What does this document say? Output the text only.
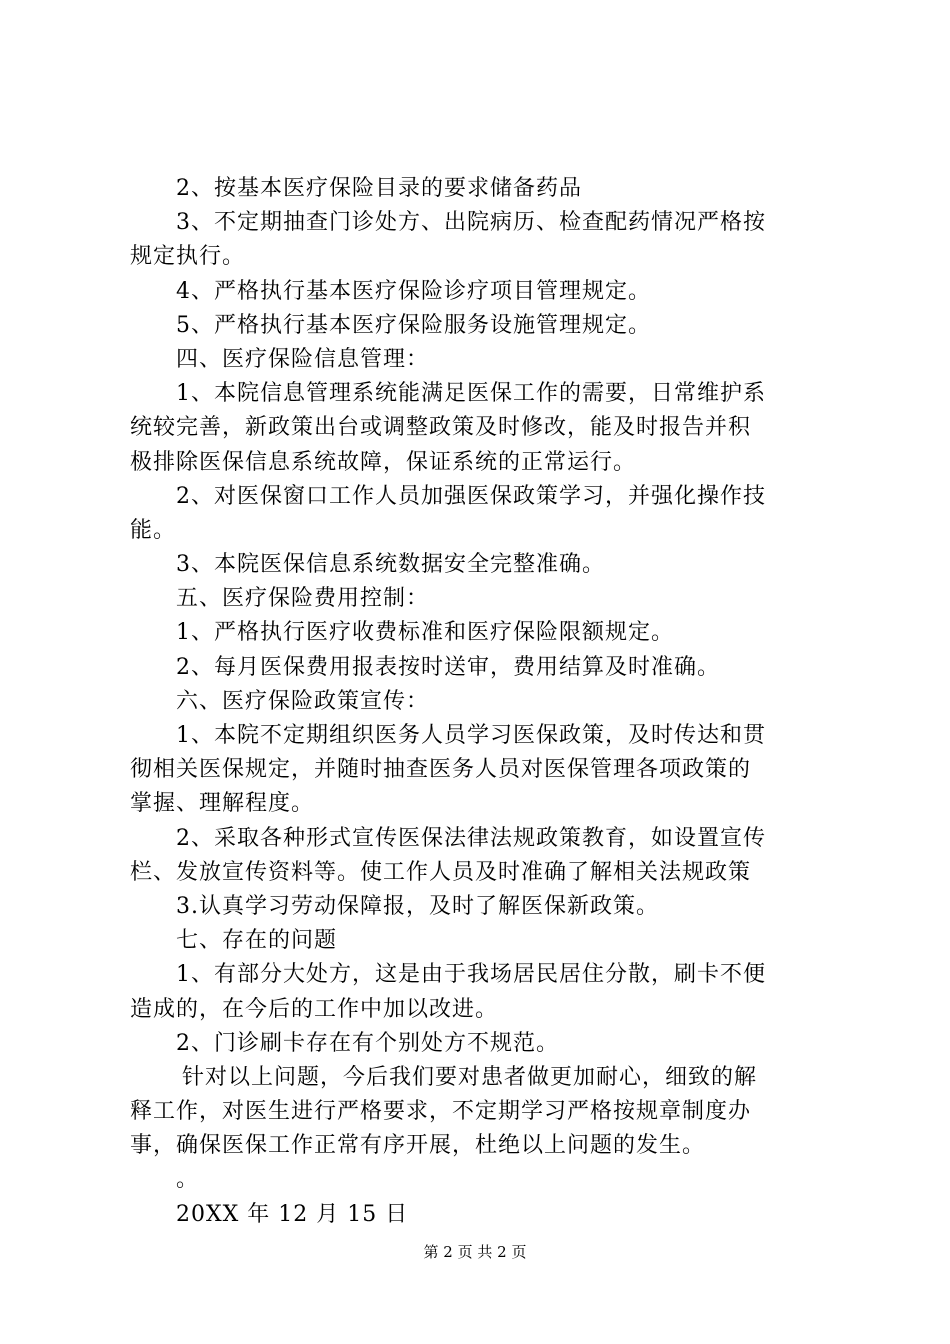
2、按基本医疗保险目录的要求储备药品
3、不定期抽查门诊处方、出院病历、检查配药情况严格按
规定执行。
4、严格执行基本医疗保险诊疗项目管理规定。
5、严格执行基本医疗保险服务设施管理规定。
四、医疗保险信息管理：
1、本院信息管理系统能满足医保工作的需要，日常维护系
统较完善，新政策出台或调整政策及时修改，能及时报告并积
极排除医保信息系统故障，保证系统的正常运行。
2、对医保窗口工作人员加强医保政策学习，并强化操作技
能。
3、本院医保信息系统数据安全完整准确。
五、医疗保险费用控制：
1、严格执行医疗收费标准和医疗保险限额规定。
2、每月医保费用报表按时送审，费用结算及时准确。
六、医疗保险政策宣传：
1、本院不定期组织医务人员学习医保政策，及时传达和贯
彻相关医保规定，并随时抽查医务人员对医保管理各项政策的
掌握、理解程度。
2、采取各种形式宣传医保法律法规政策教育，如设置宣传
栏、发放宣传资料等。使工作人员及时准确了解相关法规政策
3.认真学习劳动保障报，及时了解医保新政策。
七、存在的问题
1、有部分大处方，这是由于我场居民居住分散，刷卡不便
造成的，在今后的工作中加以改进。
2、门诊刷卡存在有个别处方不规范。
针对以上问题，今后我们要对患者做更加耐心，细致的解
释工作，对医生进行严格要求，不定期学习严格按规章制度办
事，确保医保工作正常有序开展，杜绝以上问题的发生。
。
20XX 年 12 月 15 日
第 2 页 共 2 页
